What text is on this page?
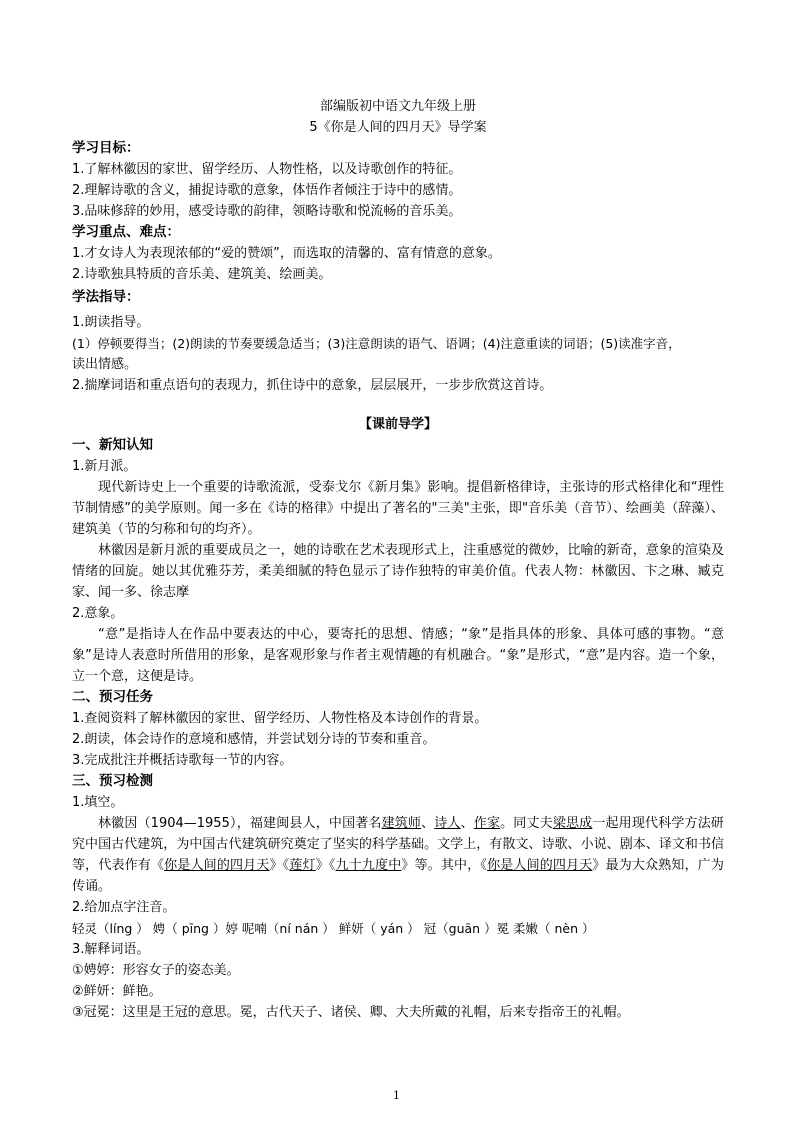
部编版初中语文九年级上册
5《你是人间的四月天》导学案
学习目标：
1.了解林徽因的家世、留学经历、人物性格，以及诗歌创作的特征。
2.理解诗歌的含义，捕捉诗歌的意象，体悟作者倾注于诗中的感情。
3.品味修辞的妙用，感受诗歌的韵律，领略诗歌和悦流畅的音乐美。
学习重点、难点：
1.才女诗人为表现浓郁的“爱的赞颂”，而选取的清馨的、富有情意的意象。
2.诗歌独具特质的音乐美、建筑美、绘画美。
学法指导：
1.朗读指导。
(1）停顿要得当；(2)朗读的节奏要缓急适当；(3)注意朗读的语气、语调；(4)注意重读的词语；(5)读准字音，
读出情感。
2.揣摩词语和重点语句的表现力，抓住诗中的意象，层层展开，一步步欣赏这首诗。
【课前导学】
一、新知认知
1.新月派。
现代新诗史上一个重要的诗歌流派，受泰戈尔《新月集》影响。提倡新格律诗，主张诗的形式格律化和“理性节制情感”的美学原则。闻一多在《诗的格律》中提出了著名的"三美"主张，即"音乐美（音节）、绘画美（辞藻）、建筑美（节的匀称和句的均齐）。
林徽因是新月派的重要成员之一，她的诗歌在艺术表现形式上，注重感觉的微妙，比喻的新奇，意象的渲染及情绪的回旋。她以其优雅芬芳，柔美细腻的特色显示了诗作独特的审美价值。代表人物：林徽因、卞之琳、臧克家、闻一多、徐志摩
2.意象。
“意”是指诗人在作品中要表达的中心，要寄托的思想、情感；“象”是指具体的形象、具体可感的事物。“意象”是诗人表意时所借用的形象，是客观形象与作者主观情趣的有机融合。“象”是形式，“意”是内容。造一个象，立一个意，这便是诗。
二、预习任务
1.查阅资料了解林徽因的家世、留学经历、人物性格及本诗创作的背景。
2.朗读，体会诗作的意境和感情，并尝试划分诗的节奏和重音。
3.完成批注并概括诗歌每一节的内容。
三、预习检测
1.填空。
林徽因（1904—1955），福建闽县人，中国著名建筑师、诗人、作家。同丈夫梁思成一起用现代科学方法研究中国古代建筑，为中国古代建筑研究奠定了坚实的科学基础。文学上，有散文、诗歌、小说、剧本、译文和书信等，代表作有《你是人间的四月天》《莲灯》《九十九度中》等。其中，《你是人间的四月天》最为大众熟知，广为传诵。
2.给加点字注音。
轻灵（líng ） 娉（ pīng ）婷 呢喃（ní nán ） 鲜妍（ yán ） 冠（guān ）冕 柔嫩（ nèn ）
3.解释词语。
①娉婷：形容女子的姿态美。
②鲜妍：鲜艳。
③冠冕：这里是王冠的意思。冕，古代天子、诸侯、卿、大夫所戴的礼帽，后来专指帝王的礼帽。
1
